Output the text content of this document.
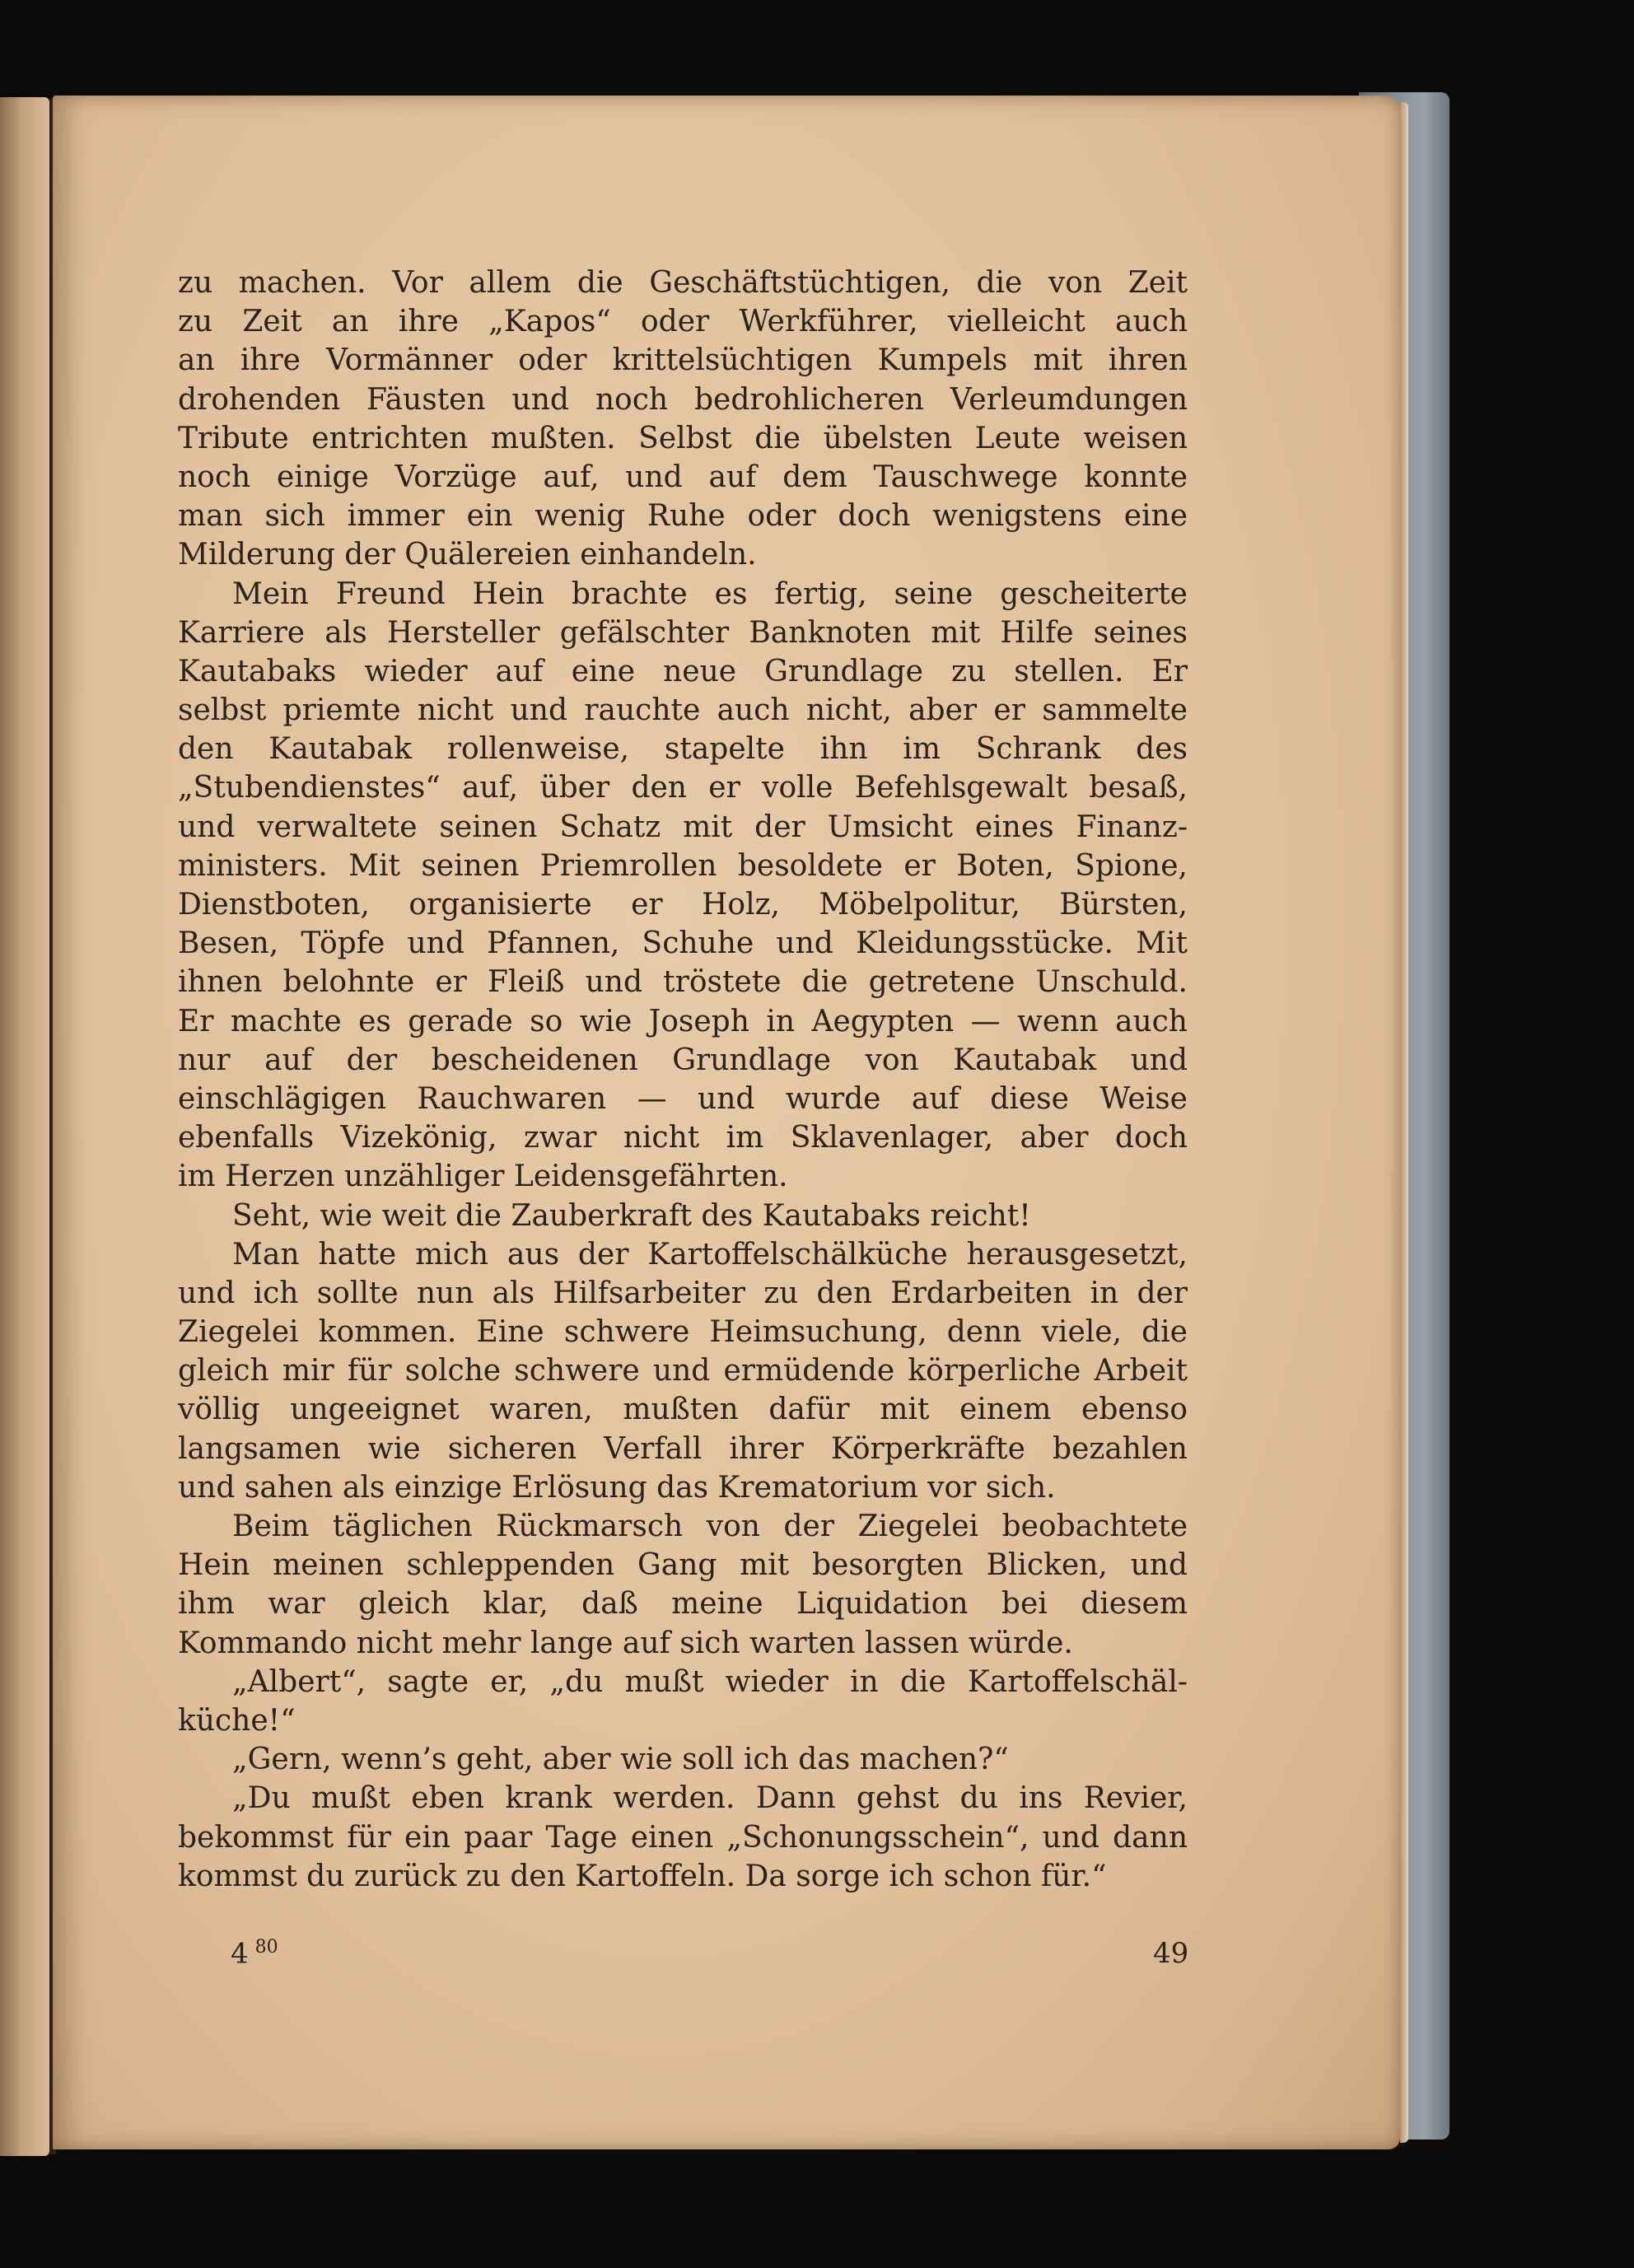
zu machen. Vor allem die Geschäftstüchtigen, die von Zeit
zu Zeit an ihre „Kapos“ oder Werkführer, vielleicht auch
an ihre Vormänner oder krittelsüchtigen Kumpels mit ihren
drohenden Fäusten und noch bedrohlicheren Verleumdungen
Tribute entrichten mußten. Selbst die übelsten Leute weisen
noch einige Vorzüge auf, und auf dem Tauschwege konnte
man sich immer ein wenig Ruhe oder doch wenigstens eine
Milderung der Quälereien einhandeln.
Mein Freund Hein brachte es fertig, seine gescheiterte
Karriere als Hersteller gefälschter Banknoten mit Hilfe seines
Kautabaks wieder auf eine neue Grundlage zu stellen. Er
selbst priemte nicht und rauchte auch nicht, aber er sammelte
den Kautabak rollenweise, stapelte ihn im Schrank des
„Stubendienstes“ auf, über den er volle Befehlsgewalt besaß,
und verwaltete seinen Schatz mit der Umsicht eines Finanz-
ministers. Mit seinen Priemrollen besoldete er Boten, Spione,
Dienstboten, organisierte er Holz, Möbelpolitur, Bürsten,
Besen, Töpfe und Pfannen, Schuhe und Kleidungsstücke. Mit
ihnen belohnte er Fleiß und tröstete die getretene Unschuld.
Er machte es gerade so wie Joseph in Aegypten — wenn auch
nur auf der bescheidenen Grundlage von Kautabak und
einschlägigen Rauchwaren — und wurde auf diese Weise
ebenfalls Vizekönig, zwar nicht im Sklavenlager, aber doch
im Herzen unzähliger Leidensgefährten.
Seht, wie weit die Zauberkraft des Kautabaks reicht!
Man hatte mich aus der Kartoffelschälküche herausgesetzt,
und ich sollte nun als Hilfsarbeiter zu den Erdarbeiten in der
Ziegelei kommen. Eine schwere Heimsuchung, denn viele, die
gleich mir für solche schwere und ermüdende körperliche Arbeit
völlig ungeeignet waren, mußten dafür mit einem ebenso
langsamen wie sicheren Verfall ihrer Körperkräfte bezahlen
und sahen als einzige Erlösung das Krematorium vor sich.
Beim täglichen Rückmarsch von der Ziegelei beobachtete
Hein meinen schleppenden Gang mit besorgten Blicken, und
ihm war gleich klar, daß meine Liquidation bei diesem
Kommando nicht mehr lange auf sich warten lassen würde.
„Albert“, sagte er, „du mußt wieder in die Kartoffelschäl-
küche!“
„Gern, wenn’s geht, aber wie soll ich das machen?“
„Du mußt eben krank werden. Dann gehst du ins Revier,
bekommst für ein paar Tage einen „Schonungsschein“, und dann
kommst du zurück zu den Kartoffeln. Da sorge ich schon für.“
4 $^{80}$	49
